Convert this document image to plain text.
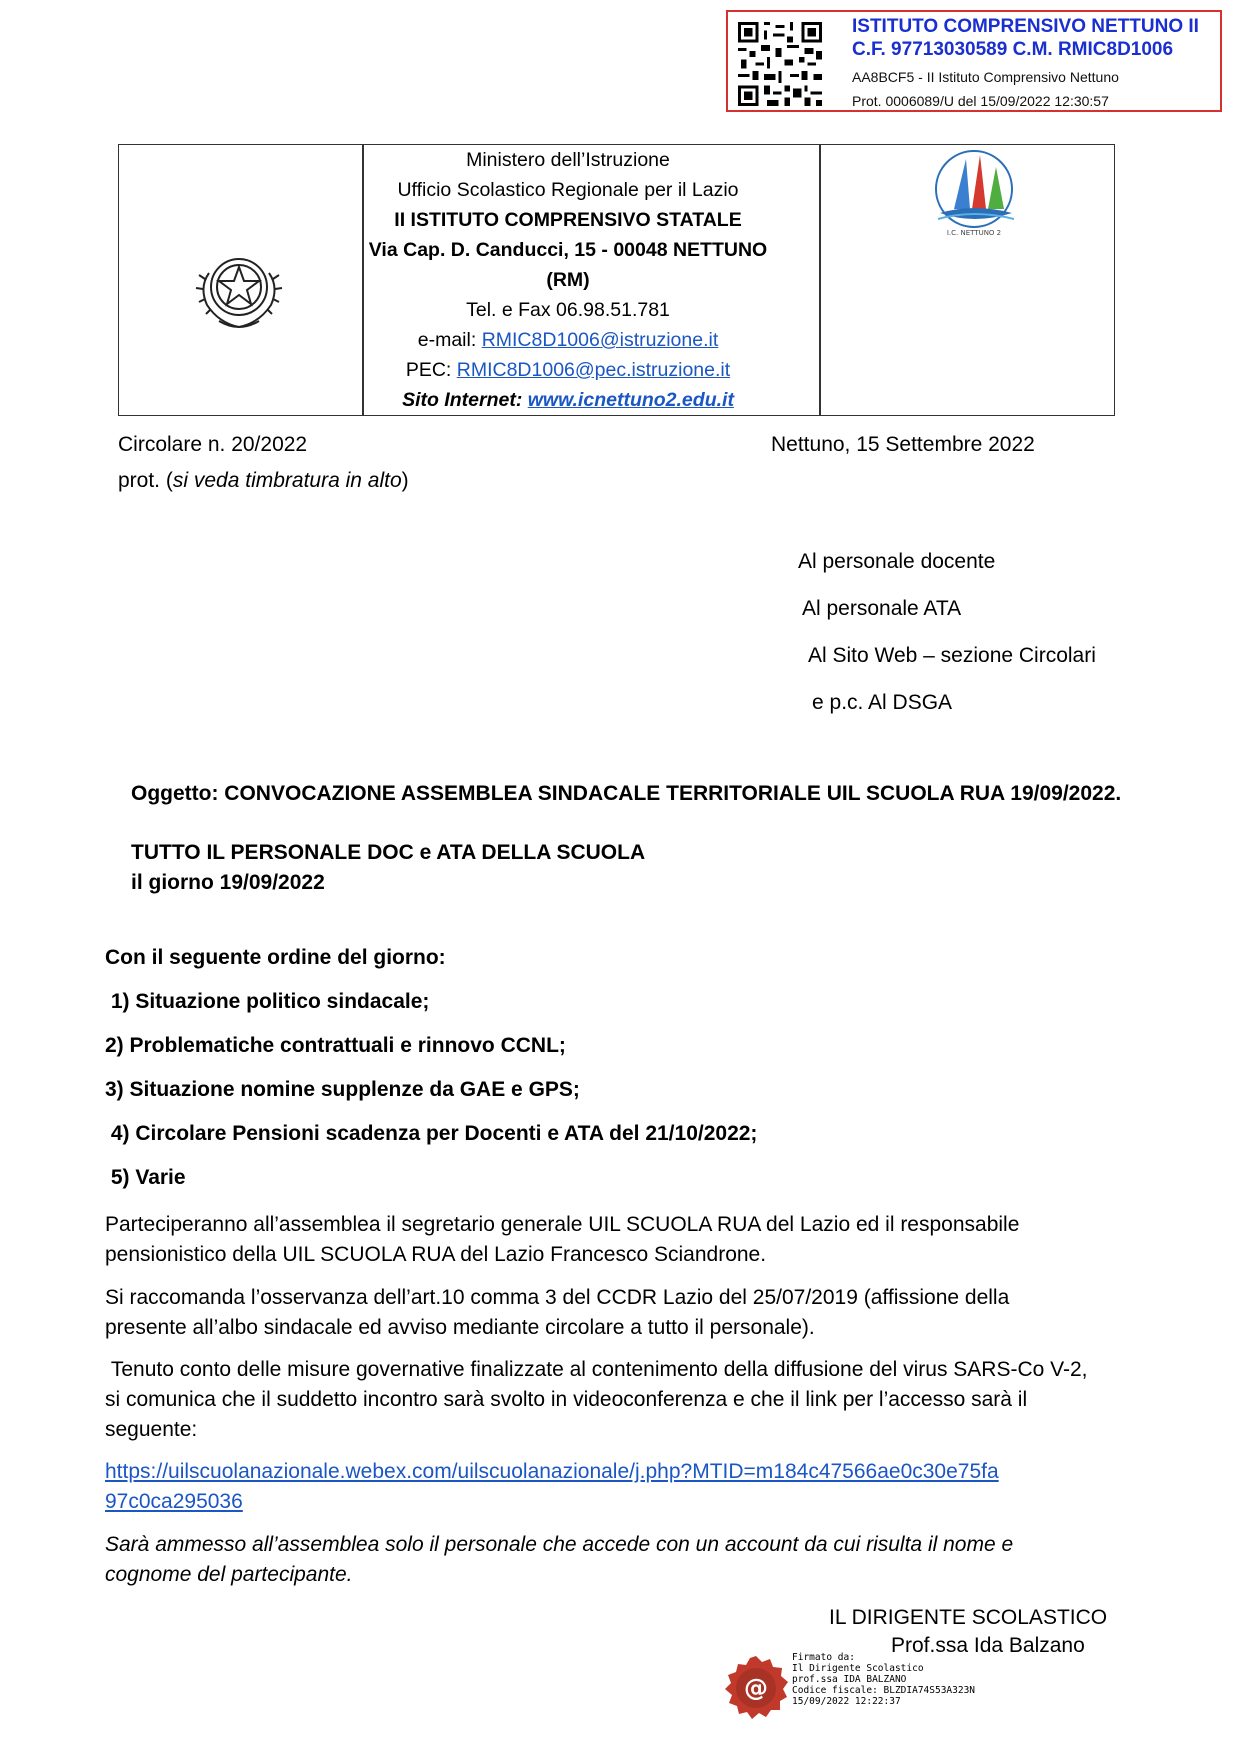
ISTITUTO COMPRENSIVO NETTUNO II
C.F. 97713030589 C.M. RMIC8D1006
AA8BCF5 - II Istituto Comprensivo Nettuno
Prot. 0006089/U del 15/09/2022 12:30:57
Ministero dell’Istruzione
Ufficio Scolastico Regionale per il Lazio
II ISTITUTO COMPRENSIVO STATALE
Via Cap. D. Canducci, 15 - 00048 NETTUNO
(RM)
Tel. e Fax 06.98.51.781
e-mail: RMIC8D1006@istruzione.it
PEC: RMIC8D1006@pec.istruzione.it
Sito Internet: www.icnettuno2.edu.it
I.C. NETTUNO 2
Circolare n. 20/2022	Nettuno, 15 Settembre 2022
prot. (si veda timbratura in alto)
Al personale docente
Al personale ATA
Al Sito Web – sezione Circolari
e p.c. Al DSGA
Oggetto: CONVOCAZIONE ASSEMBLEA SINDACALE TERRITORIALE UIL SCUOLA RUA 19/09/2022.
TUTTO IL PERSONALE DOC e ATA DELLA SCUOLA
il giorno 19/09/2022
Con il seguente ordine del giorno:
1) Situazione politico sindacale;
2) Problematiche contrattuali e rinnovo CCNL;
3) Situazione nomine supplenze da GAE e GPS;
4) Circolare Pensioni scadenza per Docenti e ATA del 21/10/2022;
5) Varie

Parteciperanno all’assemblea il segretario generale UIL SCUOLA RUA del Lazio ed il responsabile pensionistico della UIL SCUOLA RUA del Lazio Francesco Sciandrone.

Si raccomanda l’osservanza dell’art.10 comma 3 del CCDR Lazio del 25/07/2019 (affissione della presente all’albo sindacale ed avviso mediante circolare a tutto il personale).

Tenuto conto delle misure governative finalizzate al contenimento della diffusione del virus SARS-Co V-2, si comunica che il suddetto incontro sarà svolto in videoconferenza e che il link per l’accesso sarà il seguente:

https://uilscuolanazionale.webex.com/uilscuolanazionale/j.php?MTID=m184c47566ae0c30e75fa
97c0ca295036

Sarà ammesso all’assemblea solo il personale che accede con un account da cui risulta il nome e cognome del partecipante.

IL DIRIGENTE SCOLASTICO
Prof.ssa Ida Balzano
@
Firmato da:
Il Dirigente Scolastico
prof.ssa IDA BALZANO
Codice fiscale: BLZDIA74S53A323N
15/09/2022 12:22:37
